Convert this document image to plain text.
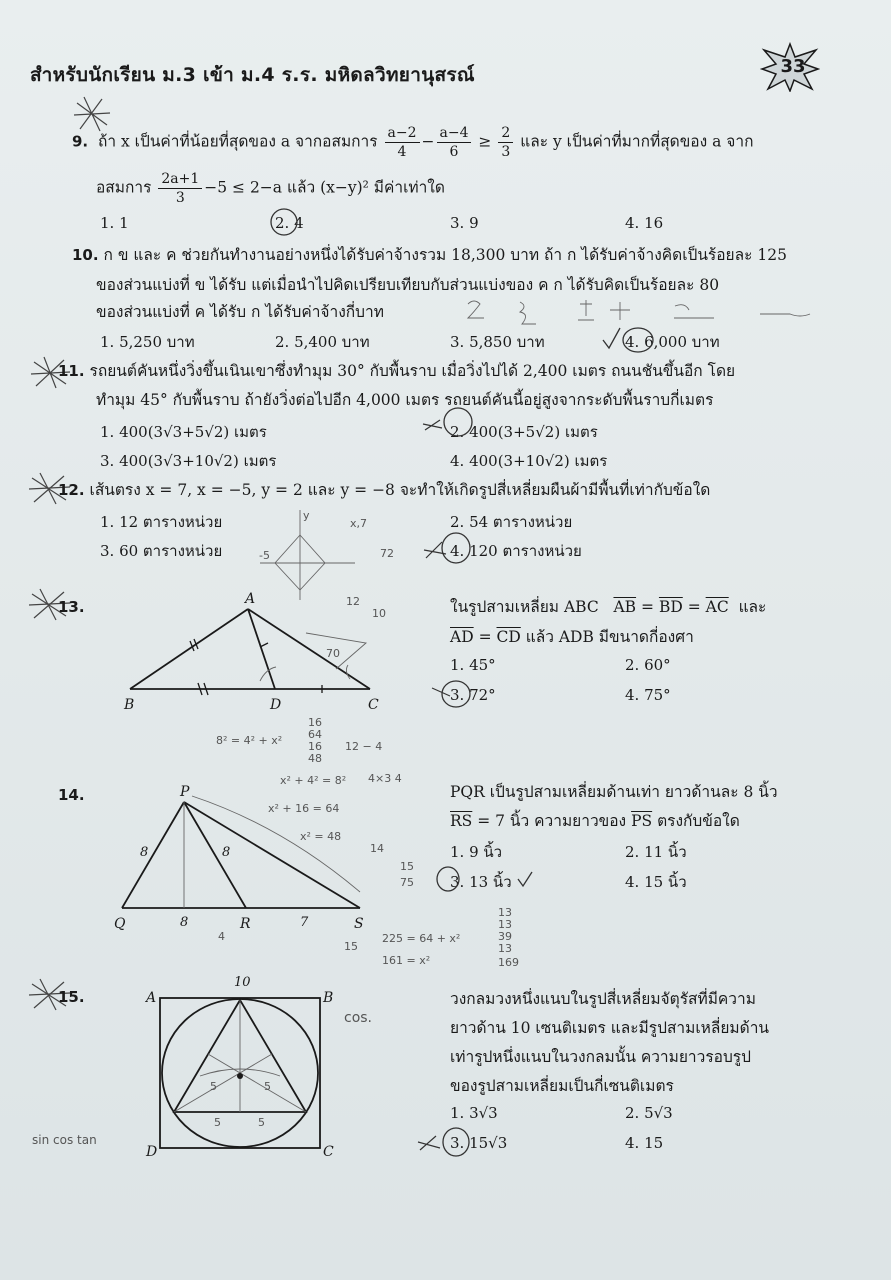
สำหรับนักเรียน ม.3 เข้า ม.4 ร.ร. มหิดลวิทยานุสรณ์	33
9. ถ้า x เป็นค่าที่น้อยที่สุดของ a จากอสมการ $\frac{a-2}{4} - \frac{a-4}{6} \ge \frac{2}{3}$ และ y เป็นค่าที่มากที่สุดของ a จาก
อสมการ $\frac{2a+1}{3} -5 \le 2-a$ แล้ว (x−y)² มีค่าเท่าใด
1. 1	2. 4	3. 9	4. 16
10. ก ข และ ค ช่วยกันทำงานอย่างหนึ่งได้รับค่าจ้างรวม 18,300 บาท ถ้า ก ได้รับค่าจ้างคิดเป็นร้อยละ 125
ของส่วนแบ่งที่ ข ได้รับ แต่เมื่อนำไปคิดเปรียบเทียบกับส่วนแบ่งของ ค ก ได้รับคิดเป็นร้อยละ 80
ของส่วนแบ่งที่ ค ได้รับ ก ได้รับค่าจ้างกี่บาท
1. 5,250 บาท	2. 5,400 บาท	3. 5,850 บาท	4. 6,000 บาท
11. รถยนต์คันหนึ่งวิ่งขึ้นเนินเขาซึ่งทำมุม 30° กับพื้นราบ เมื่อวิ่งไปได้ 2,400 เมตร ถนนชันขึ้นอีก โดย
ทำมุม 45° กับพื้นราบ ถ้ายังวิ่งต่อไปอีก 4,000 เมตร รถยนต์คันนี้อยู่สูงจากระดับพื้นราบกี่เมตร
1. 400(3√3+5√2) เมตร	2. 400(3+5√2) เมตร
3. 400(3√3+10√2) เมตร	4. 400(3+10√2) เมตร
12. เส้นตรง x = 7, x = −5, y = 2 และ y = −8 จะทำให้เกิดรูปสี่เหลี่ยมผืนผ้ามีพื้นที่เท่ากับข้อใด
1. 12 ตารางหน่วย	2. 54 ตารางหน่วย
3. 60 ตารางหน่วย	4. 120 ตารางหน่วย
y
x,7
-5	72
13.	A
B	D	C
12
10
70
16
64
16
48
8² = 4² + x²	12 − 4
4×3 4
ในรูปสามเหลี่ยม ABC $\overline{AB} = \overline{BD} = \overline{AC}$ และ
$\overline{AD} = \overline{CD}$ แล้ว ADB มีขนาดกี่องศา
1. 45°	2. 60°
3. 72°	4. 75°
14.	P
Q	R	S
8	8
8	7
4
x² + 4² = 8²
x² + 16 = 64
x² = 48
14
15
75
225 = 64 + x²
161 = x²
15
13
13
39
13
169
PQR เป็นรูปสามเหลี่ยมด้านเท่า ยาวด้านละ 8 นิ้ว
$\overline{RS} = 7$ นิ้ว ความยาวของ $\overline{PS}$ ตรงกับข้อใด
1. 9 นิ้ว	2. 11 นิ้ว
3. 13 นิ้ว	4. 15 นิ้ว
15.	A	B
D	C
10
5	5
5	5
cos.
sin cos tan
วงกลมวงหนึ่งแนบในรูปสี่เหลี่ยมจัตุรัสที่มีความ
ยาวด้าน 10 เซนติเมตร และมีรูปสามเหลี่ยมด้าน
เท่ารูปหนึ่งแนบในวงกลมนั้น ความยาวรอบรูป
ของรูปสามเหลี่ยมเป็นกี่เซนติเมตร
1. 3√3	2. 5√3
3. 15√3	4. 15
